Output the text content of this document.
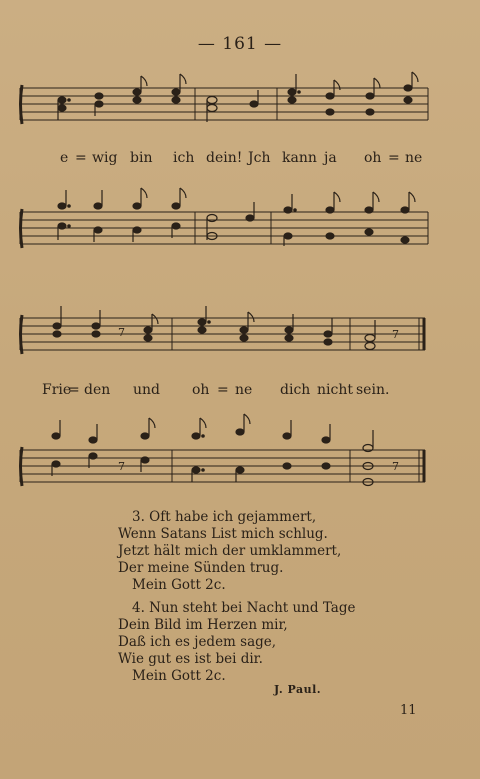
— 161 —
e = wig bin ich dein! Jch kann ja oh = ne
7	7
Frie
= den und oh = ne dich nicht sein.
7	7
3. Oft habe ich gejammert,
Wenn Satans List mich schlug.
Jetzt hält mich der umklammert,
Der meine Sünden trug.
Mein Gott 2c.
4. Nun steht bei Nacht und Tage
Dein Bild im Herzen mir,
Daß ich es jedem sage,
Wie gut es ist bei dir.
Mein Gott 2c.
J. Paul.
11
